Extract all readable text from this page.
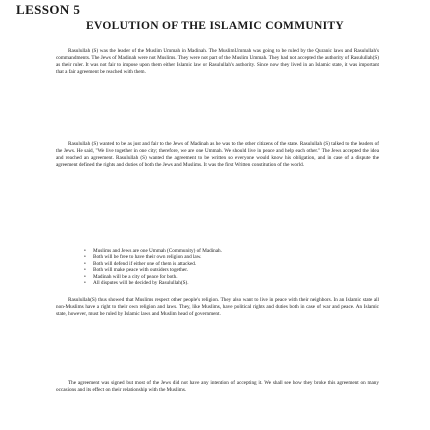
LESSON 5
EVOLUTION OF THE ISLAMIC COMMUNITY

Rasulullah (S) was the leader of the Muslim Ummah in Madinah. The MuslimUmmah was going to be ruled by the Quranic laws and Rasulullah's commandments. The Jews of Madinah were not Muslims. They were not part of the Muslim Ummah. They had not accepted the authority of Rasulullah(S) as their ruler. It was not fair to impose upon them either Islamic law or Rasulullah's authority. Since now they lived in an Islamic state, it was important that a fair agreement be reached with them.

Rasulullah (S) wanted to be as just and fair to the Jews of Madinah as he was to the other citizens of the state. Rasulullah (S) talked to the leaders of the Jews. He said, "We live together in one city; therefore, we are one Ummah. We should live in peace and help each other." The Jews accepted the idea and reached an agreement. Rasulullah (S) wanted the agreement to be written so everyone would know his obligation, and in case of a dispute the agreement defined the rights and duties of both the Jews and Muslims. It was the first Written constitution of the world.

• Muslims and Jews are one Ummah (Community) of Madinah.
• Both will be free to have their own religion and law.
• Both will defend if either one of them is attacked.
• Both will make peace with outsiders together.
• Madinah will be a city of peace for both.
• All disputes will be decided by Rasulullah(S).

Rasulullah(S) thus showed that Muslims respect other people's religion. They also want to live in peace with their neighbors. In an Islamic state all non-Muslims have a right to their own religion and laws. They, like Muslims, have political rights and duties both in case of war and peace. An Islamic state, however, must be ruled by Islamic laws and Muslim head of government.

The agreement was signed but most of the Jews did not have any intention of accepting it. We shall see how they broke this agreement on many occasions and its effect on their relationship with the Muslims.
